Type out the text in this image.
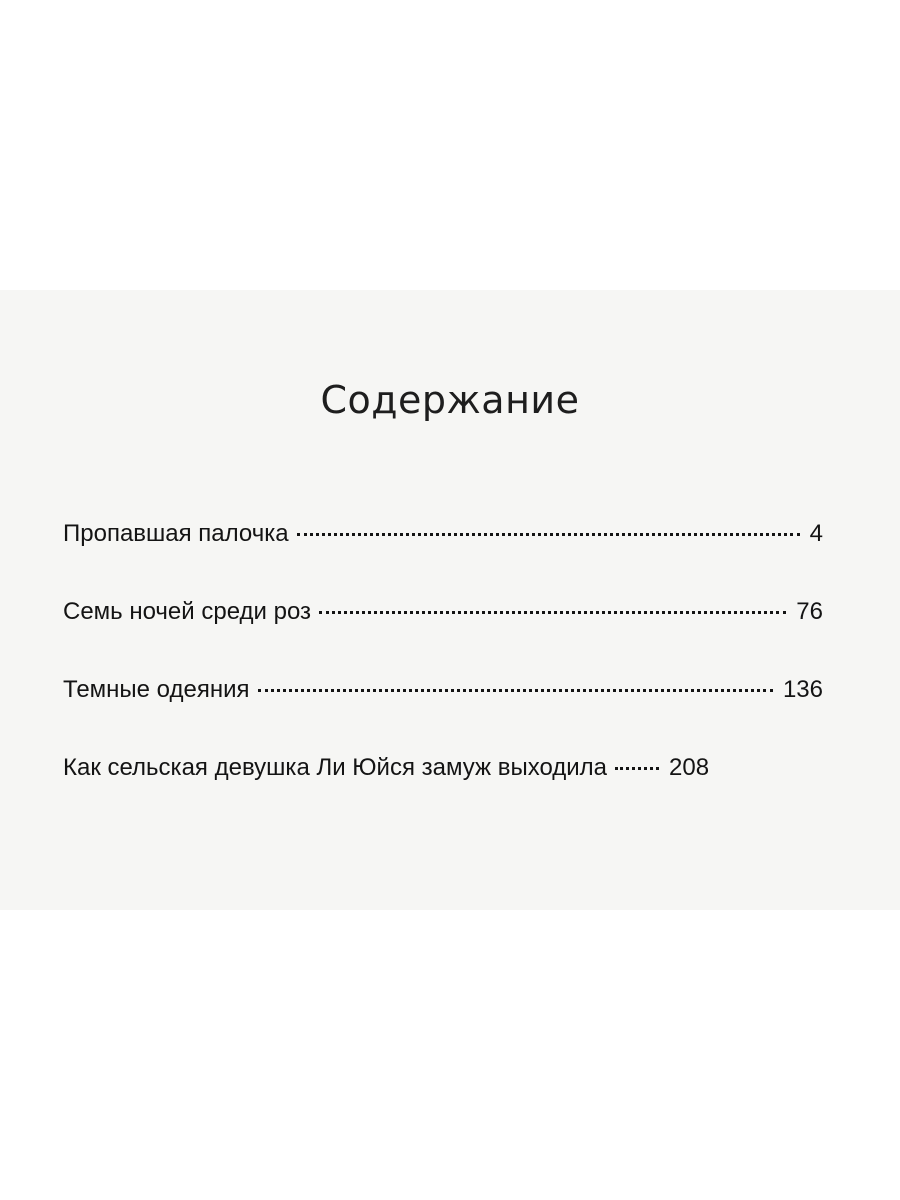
Содержание
Пропавшая палочка	4
Семь ночей среди роз	76
Темные одеяния	136
Как сельская девушка Ли Юйся замуж выходила	208
